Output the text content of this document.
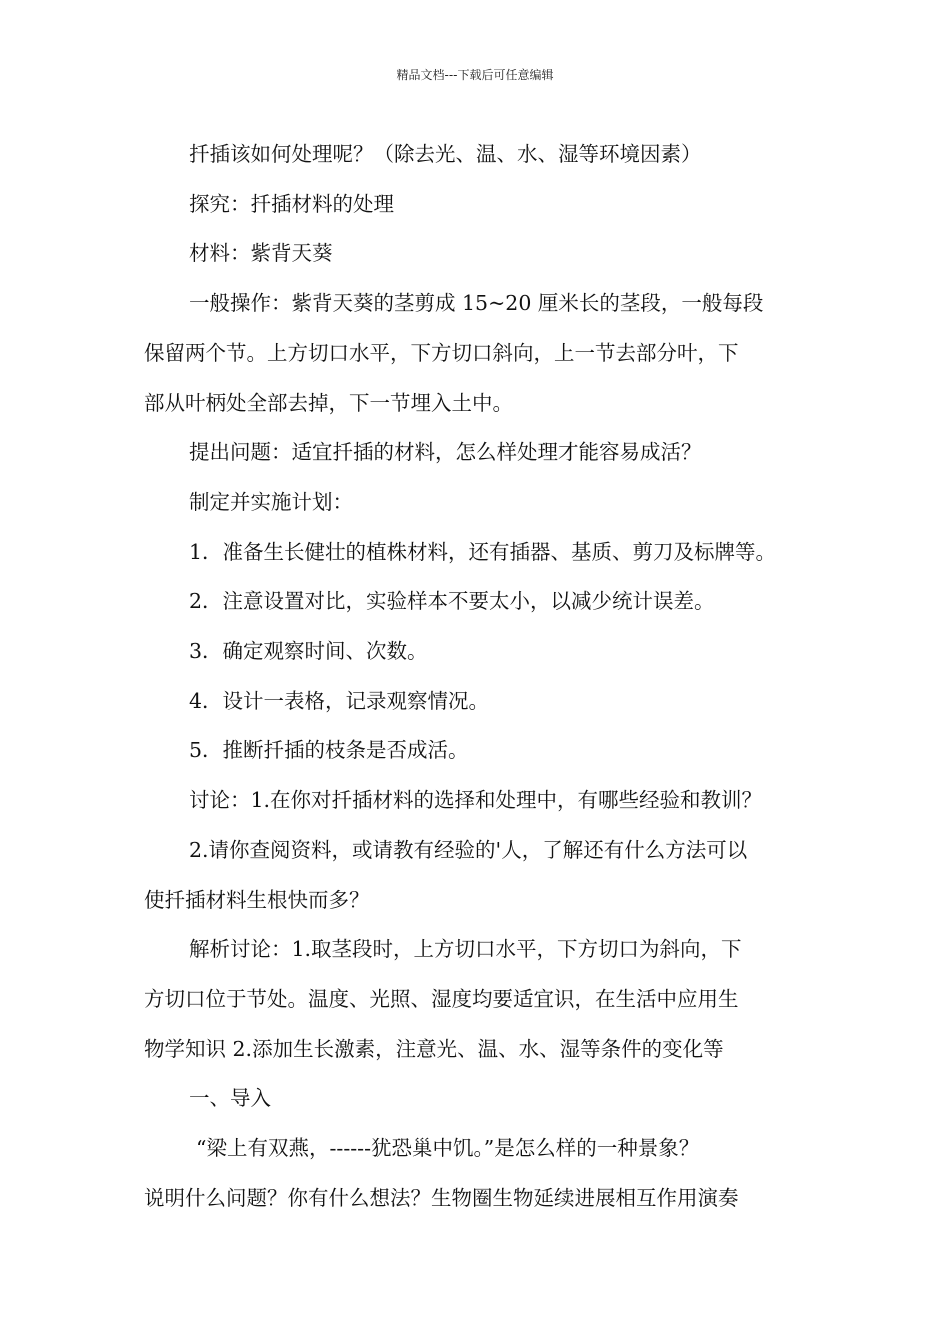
精品文档---下载后可任意编辑

扦插该如何处理呢？（除去光、温、水、湿等环境因素）

探究：扦插材料的处理

材料：紫背天葵

一般操作：紫背天葵的茎剪成 15~20 厘米长的茎段，一般每段

保留两个节。上方切口水平，下方切口斜向，上一节去部分叶，下

部从叶柄处全部去掉，下一节埋入土中。

提出问题：适宜扦插的材料，怎么样处理才能容易成活？

制定并实施计划：

1．准备生长健壮的植株材料，还有插器、基质、剪刀及标牌等。

2．注意设置对比，实验样本不要太小，以减少统计误差。

3．确定观察时间、次数。

4．设计一表格，记录观察情况。

5．推断扦插的枝条是否成活。

讨论：1.在你对扦插材料的选择和处理中，有哪些经验和教训？

2.请你查阅资料，或请教有经验的'人，了解还有什么方法可以

使扦插材料生根快而多？

解析讨论：1.取茎段时，上方切口水平，下方切口为斜向，下

方切口位于节处。温度、光照、湿度均要适宜识，在生活中应用生

物学知识 2.添加生长激素，注意光、温、水、湿等条件的变化等

一、导入

“梁上有双燕，------犹恐巢中饥。”是怎么样的一种景象？

说明什么问题？你有什么想法？生物圈生物延续进展相互作用演奏
